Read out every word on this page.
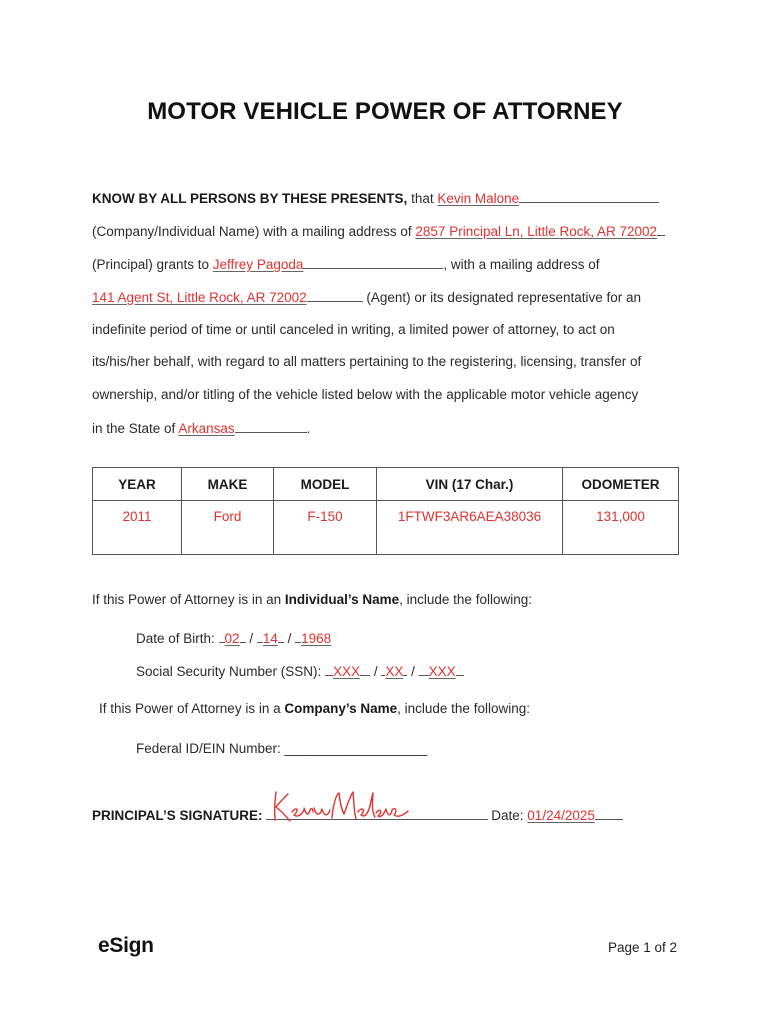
MOTOR VEHICLE POWER OF ATTORNEY
KNOW BY ALL PERSONS BY THESE PRESENTS, that Kevin Malone
(Company/Individual Name) with a mailing address of 2857 Principal Ln, Little Rock, AR 72002
(Principal) grants to Jeffrey Pagoda	, with a mailing address of
141 Agent St, Little Rock, AR 72002	(Agent) or its designated representative for an
indefinite period of time or until canceled in writing, a limited power of attorney, to act on
its/his/her behalf, with regard to all matters pertaining to the registering, licensing, transfer of
ownership, and/or titling of the vehicle listed below with the applicable motor vehicle agency
in the State of Arkansas	.
YEAR	MAKE	MODEL	VIN (17 Char.)	ODOMETER
2011	Ford	F-150	1FTWF3AR6AEA38036	131,000
If this Power of Attorney is in an Individual’s Name, include the following:
Date of Birth: 02 / 14 / 1968
Social Security Number (SSN): XXX / XX / XXX
If this Power of Attorney is in a Company’s Name, include the following:
Federal ID/EIN Number: ___________________
PRINCIPAL’S SIGNATURE:	Date: 01/24/2025
eSign	Page 1 of 2
